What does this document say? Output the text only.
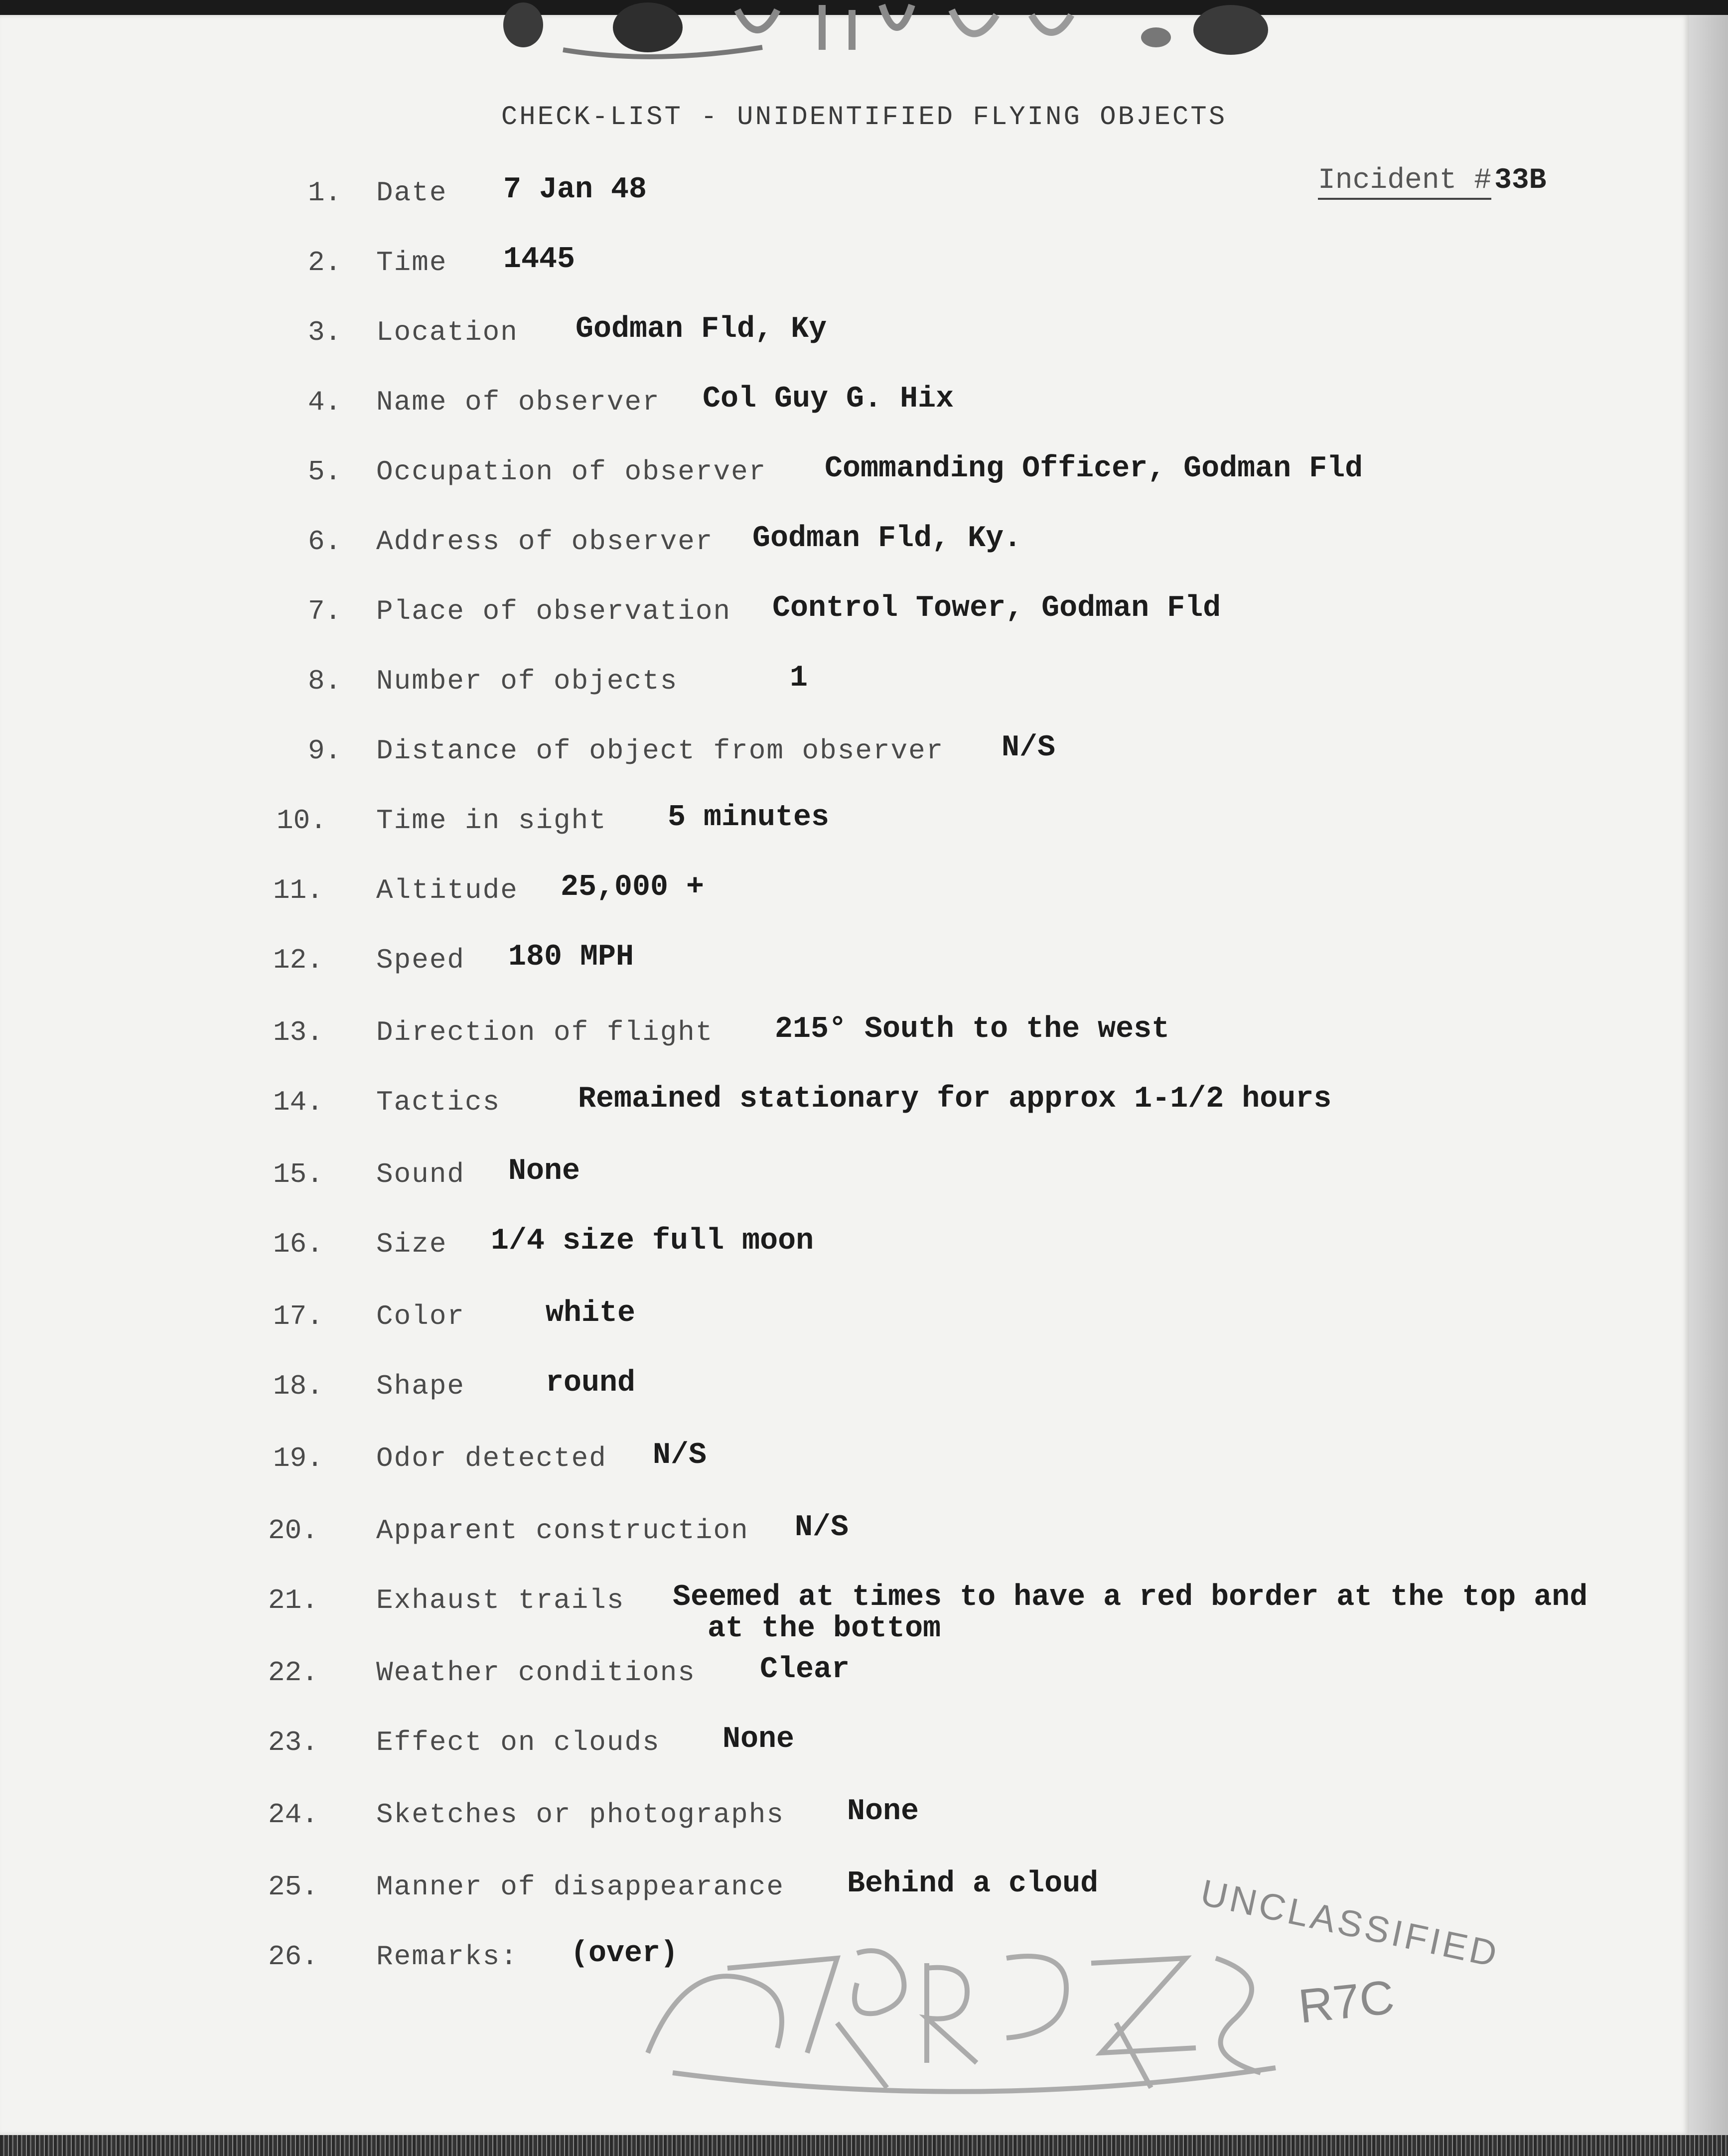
CHECK-LIST - UNIDENTIFIED FLYING OBJECTS
Incident # 33B
1. Date 7 Jan 48
2. Time 1445
3. Location Godman Fld, Ky
4. Name of observer Col Guy G. Hix
5. Occupation of observer Commanding Officer, Godman Fld
6. Address of observer Godman Fld, Ky.
7. Place of observation Control Tower, Godman Fld
8. Number of objects	1
9. Distance of object from observer N/S
10. Time in sight 5 minutes
11. Altitude 25,000 +
12. Speed 180 MPH
13. Direction of flight 215° South to the west
14. Tactics	Remained stationary for approx 1-1/2 hours
15. Sound None
16. Size 1/4 size full moon
17. Color	white
18. Shape	round
19. Odor detected N/S
20. Apparent construction N/S
21. Exhaust trails Seemed at times to have a red border at the top and
at the bottom
22. Weather conditions Clear
23. Effect on clouds None
24. Sketches or photographs None
25. Manner of disappearance Behind a cloud
26. Remarks: (over)	UNCLASSIFIED
R7C
